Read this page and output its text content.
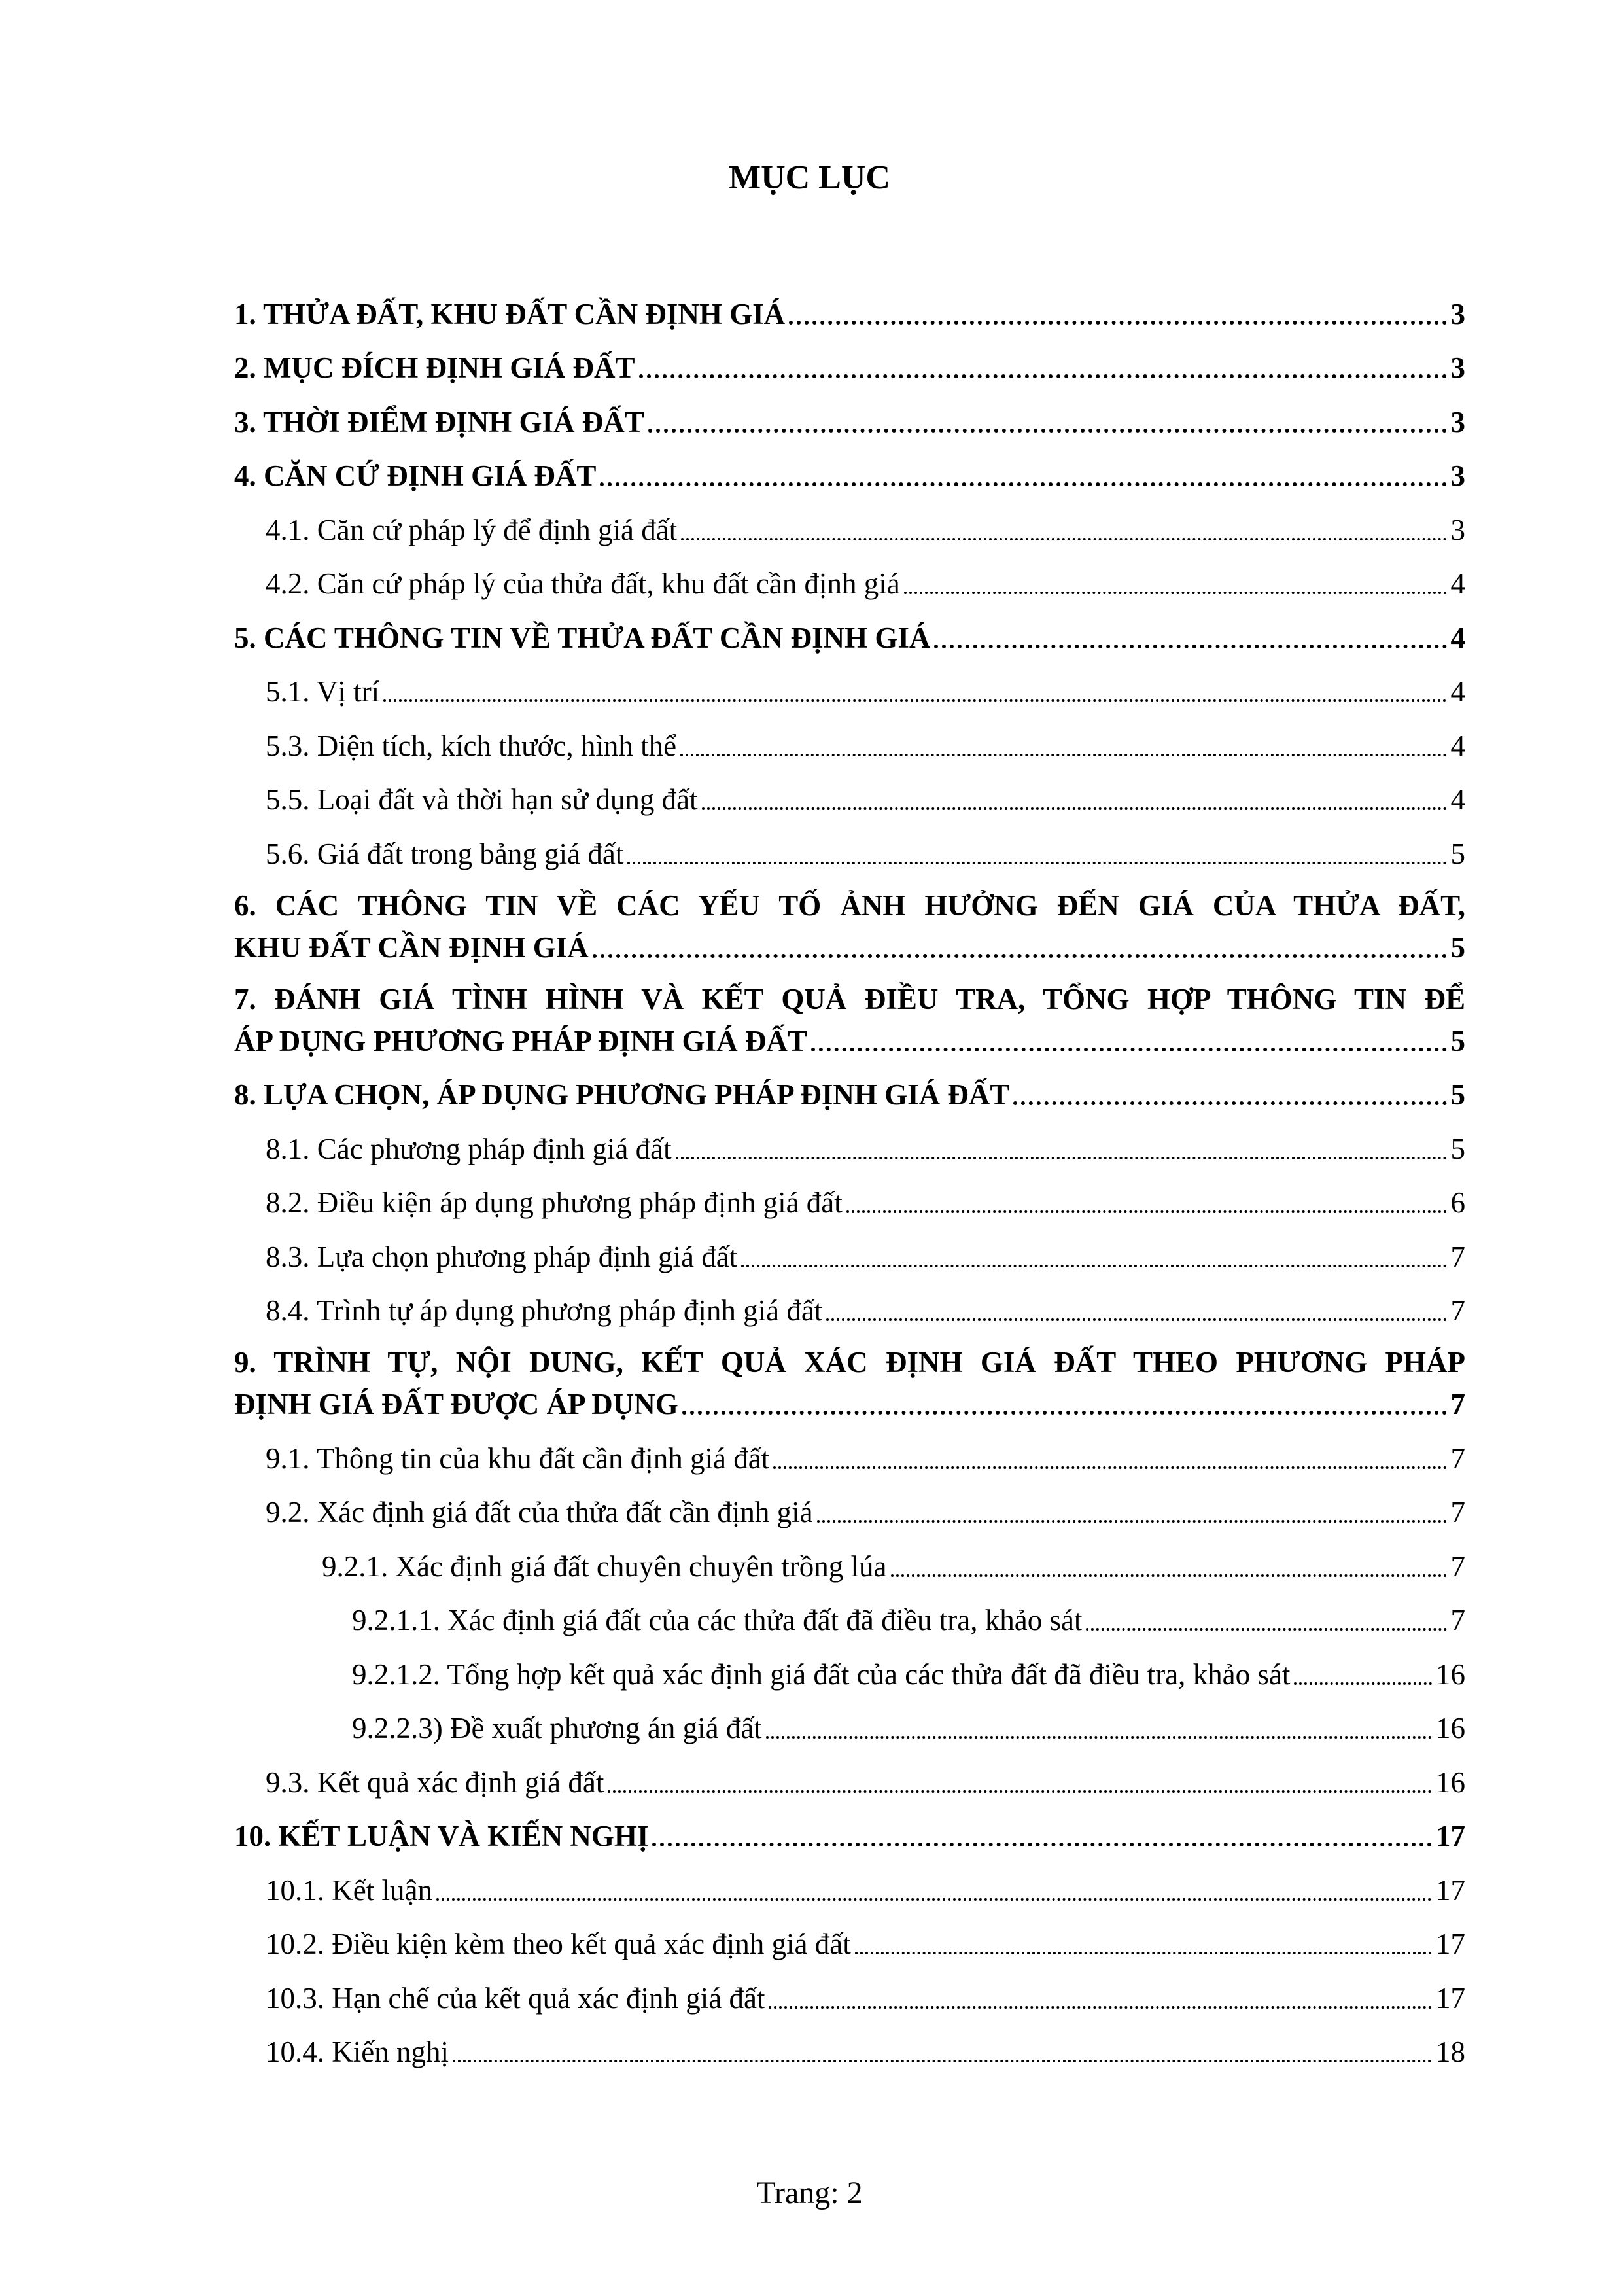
MỤC LỤC
1. THỬA ĐẤT, KHU ĐẤT CẦN ĐỊNH GIÁ	3
2. MỤC ĐÍCH ĐỊNH GIÁ ĐẤT	3
3. THỜI ĐIỂM ĐỊNH GIÁ ĐẤT	3
4. CĂN CỨ ĐỊNH GIÁ ĐẤT	3
4.1. Căn cứ pháp lý để định giá đất	3
4.2. Căn cứ pháp lý của thửa đất, khu đất cần định giá	4
5. CÁC THÔNG TIN VỀ THỬA ĐẤT CẦN ĐỊNH GIÁ	4
5.1. Vị trí	4
5.3. Diện tích, kích thước, hình thể	4
5.5. Loại đất và thời hạn sử dụng đất	4
5.6. Giá đất trong bảng giá đất	5
6. CÁC THÔNG TIN VỀ CÁC YẾU TỐ ẢNH HƯỞNG ĐẾN GIÁ CỦA THỬA ĐẤT,
KHU ĐẤT CẦN ĐỊNH GIÁ	5
7. ĐÁNH GIÁ TÌNH HÌNH VÀ KẾT QUẢ ĐIỀU TRA, TỔNG HỢP THÔNG TIN ĐỂ
ÁP DỤNG PHƯƠNG PHÁP ĐỊNH GIÁ ĐẤT	5
8. LỰA CHỌN, ÁP DỤNG PHƯƠNG PHÁP ĐỊNH GIÁ ĐẤT	5
8.1. Các phương pháp định giá đất	5
8.2. Điều kiện áp dụng phương pháp định giá đất	6
8.3. Lựa chọn phương pháp định giá đất	7
8.4. Trình tự áp dụng phương pháp định giá đất	7
9. TRÌNH TỰ, NỘI DUNG, KẾT QUẢ XÁC ĐỊNH GIÁ ĐẤT THEO PHƯƠNG PHÁP
ĐỊNH GIÁ ĐẤT ĐƯỢC ÁP DỤNG	7
9.1. Thông tin của khu đất cần định giá đất	7
9.2. Xác định giá đất của thửa đất cần định giá	7
9.2.1. Xác định giá đất chuyên chuyên trồng lúa	7
9.2.1.1. Xác định giá đất của các thửa đất đã điều tra, khảo sát	7
9.2.1.2. Tổng hợp kết quả xác định giá đất của các thửa đất đã điều tra, khảo sát	16
9.2.2.3) Đề xuất phương án giá đất	16
9.3. Kết quả xác định giá đất	16
10. KẾT LUẬN VÀ KIẾN NGHỊ	17
10.1. Kết luận	17
10.2. Điều kiện kèm theo kết quả xác định giá đất	17
10.3. Hạn chế của kết quả xác định giá đất	17
10.4. Kiến nghị	18
Trang: 2
